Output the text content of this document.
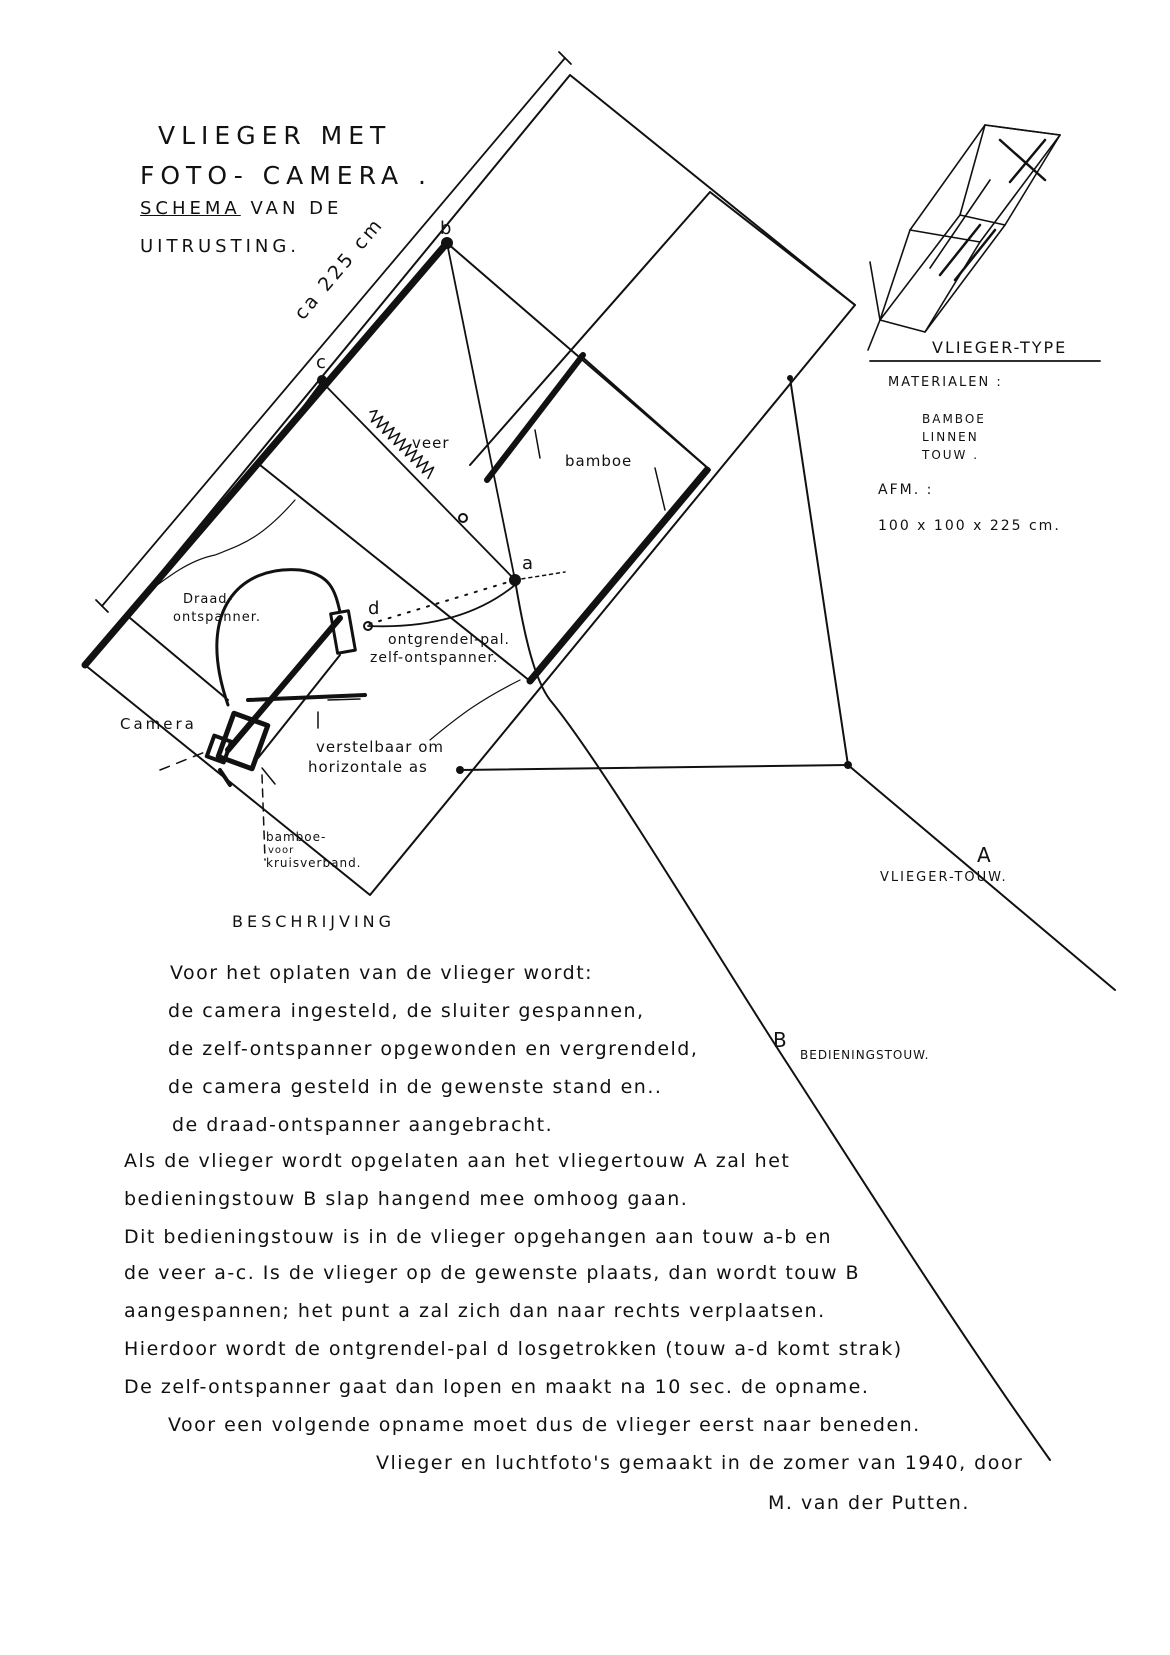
VLIEGER MET
FOTO- CAMERA .
SCHEMA VAN DE
UITRUSTING.
ca 225 cm	b
c
a
d
A
B
veer
bamboe
Draad-
ontspanner.
ontgrendel-pal.
zelf-ontspanner.
Camera
verstelbaar om
horizontale as
bamboe-
voor
kruisverband.
VLIEGER-TYPE
MATERIALEN :
BAMBOE
LINNEN
TOUW .
AFM. :
100 x 100 x 225 cm.
VLIEGER-TOUW.
BEDIENINGSTOUW.
BESCHRIJVING
Voor het oplaten van de vlieger wordt:
de camera ingesteld, de sluiter gespannen,
de zelf-ontspanner opgewonden en vergrendeld,
de camera gesteld in de gewenste stand en..
de draad-ontspanner aangebracht.
Als de vlieger wordt opgelaten aan het vliegertouw A zal het
bedieningstouw B slap hangend mee omhoog gaan.
Dit bedieningstouw is in de vlieger opgehangen aan touw a-b en
de veer a-c. Is de vlieger op de gewenste plaats, dan wordt touw B
aangespannen; het punt a zal zich dan naar rechts verplaatsen.
Hierdoor wordt de ontgrendel-pal d losgetrokken (touw a-d komt strak)
De zelf-ontspanner gaat dan lopen en maakt na 10 sec. de opname.
Voor een volgende opname moet dus de vlieger eerst naar beneden.
Vlieger en luchtfoto's gemaakt in de zomer van 1940, door
M. van der Putten.
